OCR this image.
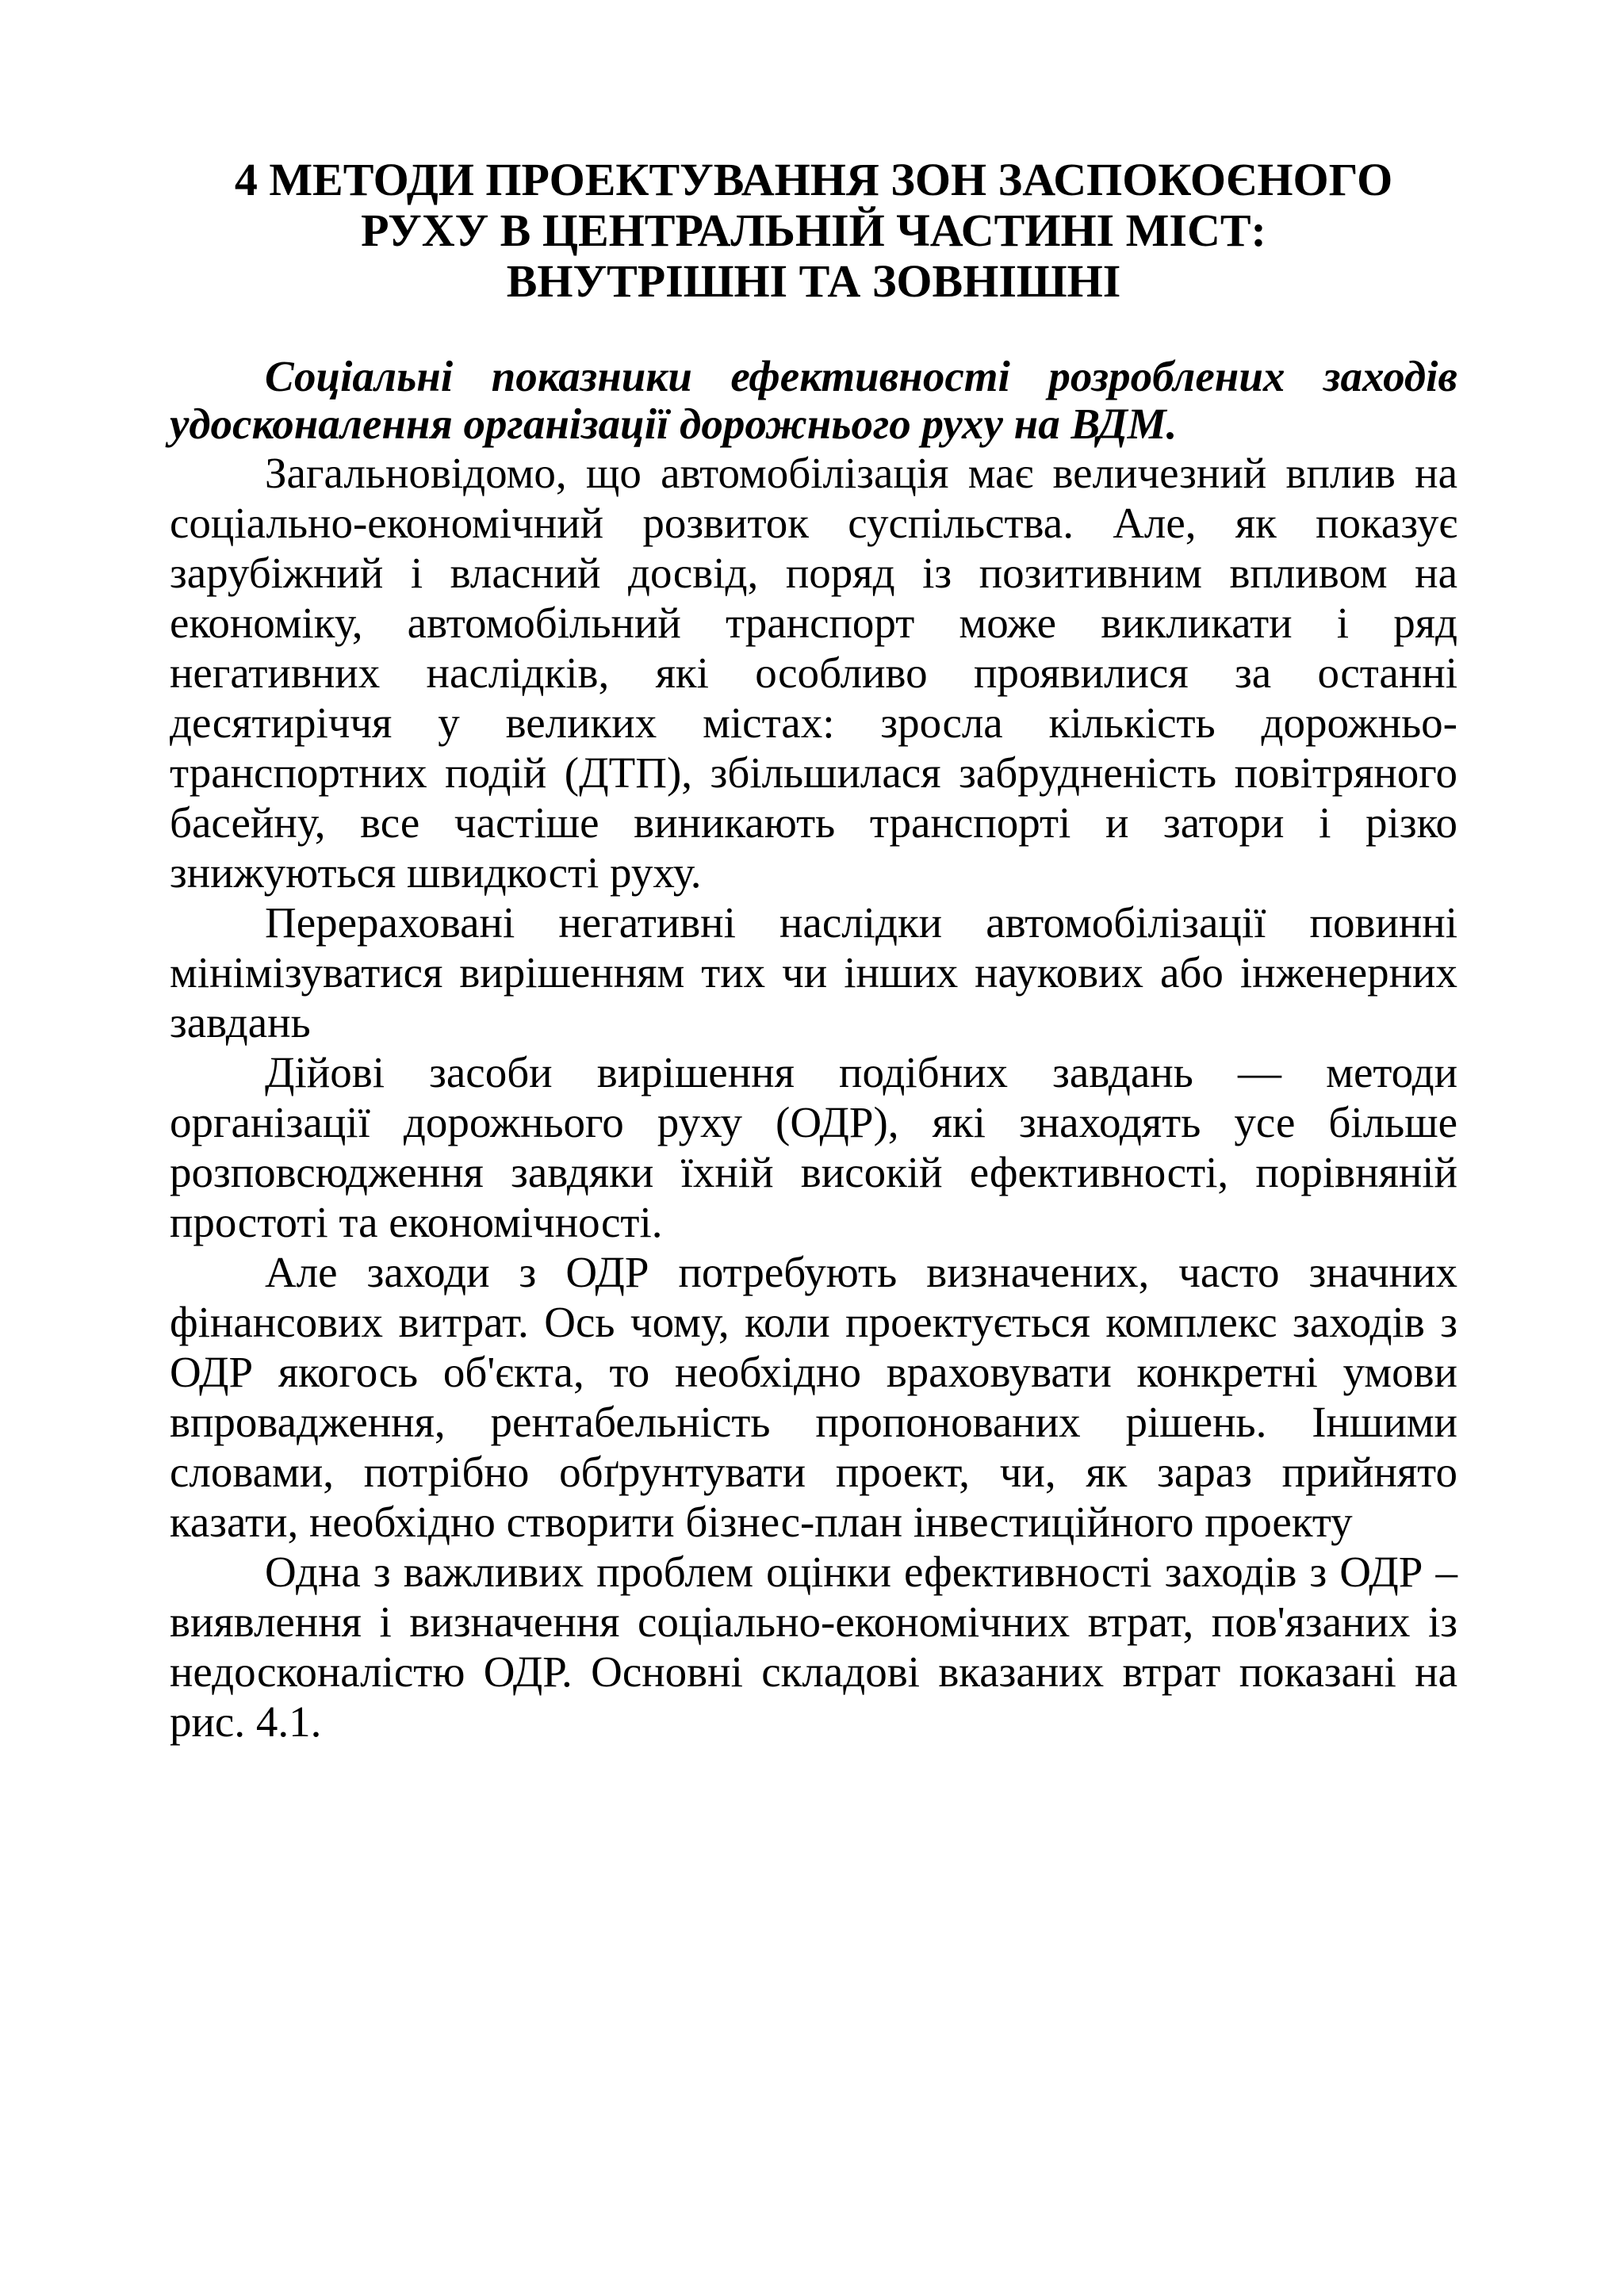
4 МЕТОДИ ПРОЕКТУВАННЯ ЗОН ЗАСПОКОЄНОГО
РУХУ В ЦЕНТРАЛЬНІЙ ЧАСТИНІ МІСТ:
ВНУТРІШНІ ТА ЗОВНІШНІ

Соціальні показники ефективності розроблених заходів удосконалення організації дорожнього руху на ВДМ.

Загальновідомо, що автомобілізація має величезний вплив на соціально-економічний розвиток суспільства. Але, як показує зарубіжний і власний досвід, поряд із позитивним впливом на економіку, автомобільний транспорт може викликати і ряд негативних наслідків, які особливо проявилися за останні десятиріччя у великих містах: зросла кількість дорожньо-транспортних подій (ДТП), збільшилася забрудненість повітряного басейну, все частіше виникають транспорті и затори і різко знижуються швидкості руху.

Перераховані негативні наслідки автомобілізації повинні мінімізуватися вирішенням тих чи інших наукових або інженерних завдань

Дійові засоби вирішення подібних завдань — методи організації дорожнього руху (ОДР), які знаходять усе більше розповсюдження завдяки їхній високій ефективності, порівняній простоті та економічності.

Але заходи з ОДР потребують визначених, часто значних фінансових витрат. Ось чому, коли проектується комплекс заходів з ОДР якогось об'єкта, то необхідно враховувати конкретні умови впровадження, рентабельність пропонованих рішень. Іншими словами, потрібно обґрунтувати проект, чи, як зараз прийнято казати, необхідно створити бізнес-план інвестиційного проекту

Одна з важливих проблем оцінки ефективності заходів з ОДР – виявлення і визначення соціально-економічних втрат, пов'язаних із недосконалістю ОДР. Основні складові вказаних втрат показані на рис. 4.1.
